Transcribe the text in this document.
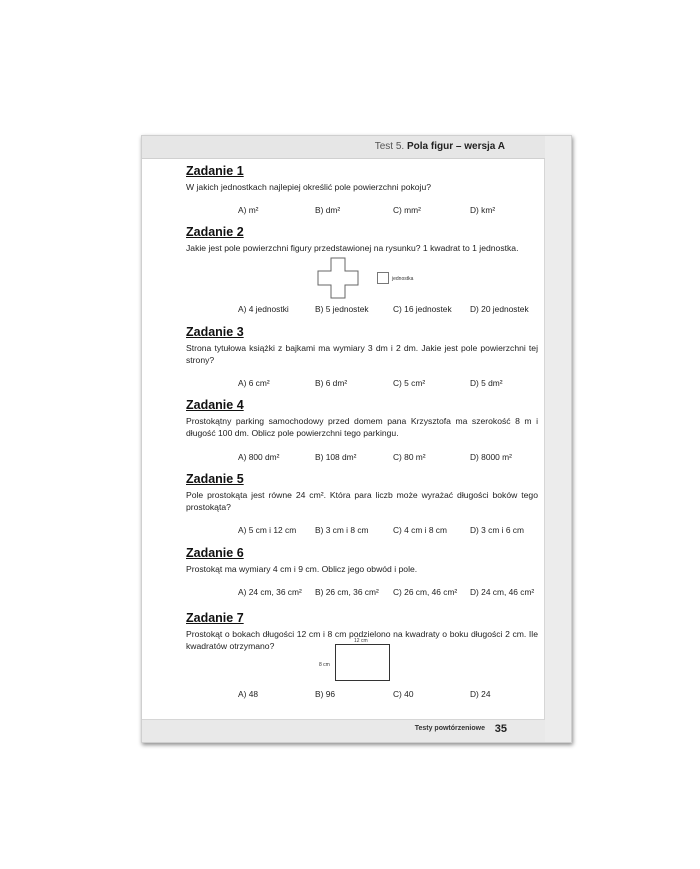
Test 5. Pola figur – wersja A
Zadanie 1

W jakich jednostkach najlepiej określić pole powierzchni pokoju?

A) m²	B) dm²	C) mm²	D) km²
Zadanie 2

Jakie jest pole powierzchni figury przedstawionej na rysunku? 1 kwadrat to 1 jednostka.

jednostka
A) 4 jednostki	B) 5 jednostek	C) 16 jednostek D) 20 jednostek
Zadanie 3

Strona tytułowa książki z bajkami ma wymiary 3 dm i 2 dm. Jakie jest pole powierzchni tej strony?

A) 6 cm²	B) 6 dm²	C) 5 cm²	D) 5 dm²
Zadanie 4

Prostokątny parking samochodowy przed domem pana Krzysztofa ma szerokość 8 m i długość 100 dm. Oblicz pole powierzchni tego parkingu.

A) 800 dm²	B) 108 dm²	C) 80 m²	D) 8000 m²
Zadanie 5

Pole prostokąta jest równe 24 cm². Która para liczb może wyrażać długości boków tego prostokąta?

A) 5 cm i 12 cm B) 3 cm i 8 cm	C) 4 cm i 8 cm	D) 3 cm i 6 cm
Zadanie 6

Prostokąt ma wymiary 4 cm i 9 cm. Oblicz jego obwód i pole.

A) 24 cm, 36 cm² B) 26 cm, 36 cm² C) 26 cm, 46 cm² D) 24 cm, 46 cm²
Zadanie 7

Prostokąt o bokach długości 12 cm i 8 cm podzielono na kwadraty o boku długości 2 cm. Ile kwadratów otrzymano?	12 cm
8 cm
A) 48	B) 96	C) 40	D) 24
Testy powtórzeniowe 35
